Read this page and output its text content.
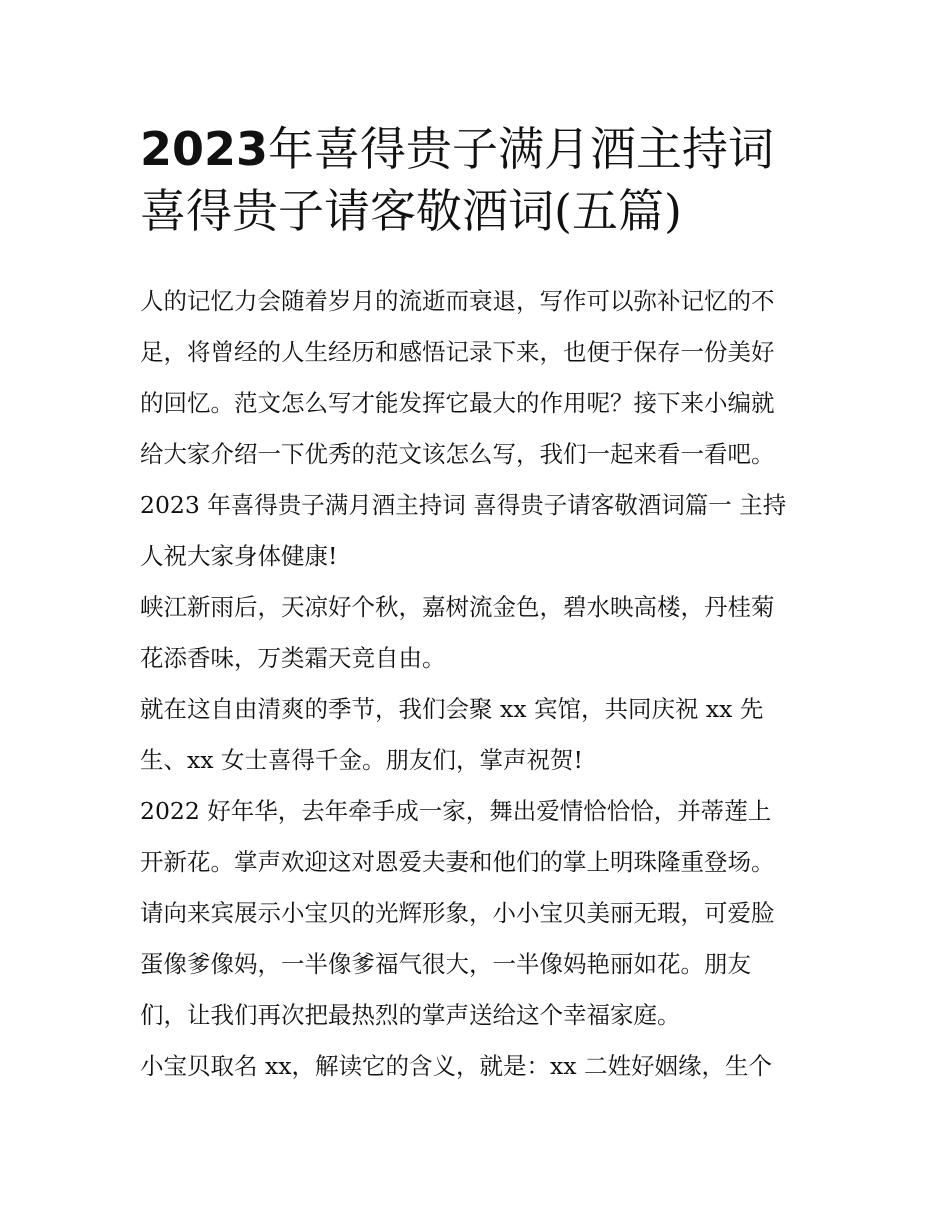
2023年喜得贵子满月酒主持词
喜得贵子请客敬酒词(五篇)
人的记忆力会随着岁月的流逝而衰退，写作可以弥补记忆的不
足，将曾经的人生经历和感悟记录下来，也便于保存一份美好
的回忆。范文怎么写才能发挥它最大的作用呢？接下来小编就
给大家介绍一下优秀的范文该怎么写，我们一起来看一看吧。
2023 年喜得贵子满月酒主持词 喜得贵子请客敬酒词篇一 主持
人祝大家身体健康!
峡江新雨后，天凉好个秋，嘉树流金色，碧水映高楼，丹桂菊
花添香味，万类霜天竞自由。
就在这自由清爽的季节，我们会聚 xx 宾馆，共同庆祝 xx 先
生、xx 女士喜得千金。朋友们，掌声祝贺!
2022 好年华，去年牵手成一家，舞出爱情恰恰恰，并蒂莲上
开新花。掌声欢迎这对恩爱夫妻和他们的掌上明珠隆重登场。
请向来宾展示小宝贝的光辉形象，小小宝贝美丽无瑕，可爱脸
蛋像爹像妈，一半像爹福气很大，一半像妈艳丽如花。朋友
们，让我们再次把最热烈的掌声送给这个幸福家庭。
小宝贝取名 xx，解读它的含义，就是：xx 二姓好姻缘，生个
